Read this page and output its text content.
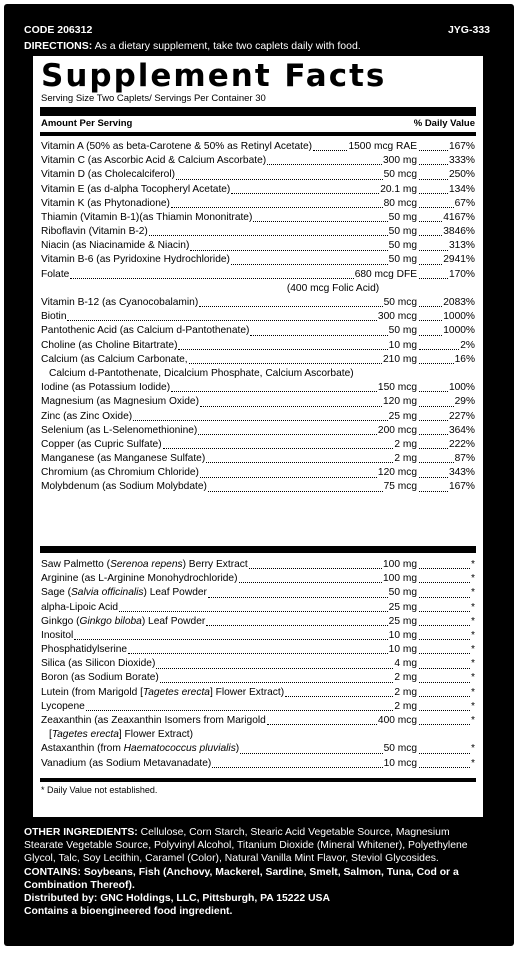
CODE 206312	JYG-333
DIRECTIONS: As a dietary supplement, take two caplets daily with food.
Supplement Facts
Serving Size Two Caplets/ Servings Per Container 30
Amount Per Serving	% Daily Value
Vitamin A (50% as beta-Carotene & 50% as Retinyl Acetate)	1500 mcg RAE	167%
Vitamin C (as Ascorbic Acid & Calcium Ascorbate)	300 mg	333%
Vitamin D (as Cholecalciferol)	50 mcg	250%
Vitamin E (as d-alpha Tocopheryl Acetate)	20.1 mg	134%
Vitamin K (as Phytonadione)	80 mcg	67%
Thiamin (Vitamin B-1)(as Thiamin Mononitrate)	50 mg	4167%
Riboflavin (Vitamin B-2)	50 mg	3846%
Niacin (as Niacinamide & Niacin)	50 mg	313%
Vitamin B-6 (as Pyridoxine Hydrochloride)	50 mg	2941%
Folate	680 mcg DFE	170%
(400 mcg Folic Acid)
Vitamin B-12 (as Cyanocobalamin)	50 mcg	2083%
Biotin	300 mcg	1000%
Pantothenic Acid (as Calcium d-Pantothenate)	50 mg	1000%
Choline (as Choline Bitartrate)	10 mg	2%
Calcium (as Calcium Carbonate,	210 mg	16%
Calcium d-Pantothenate, Dicalcium Phosphate, Calcium Ascorbate)
Iodine (as Potassium Iodide)	150 mcg	100%
Magnesium (as Magnesium Oxide)	120 mg	29%
Zinc (as Zinc Oxide)	25 mg	227%
Selenium (as L-Selenomethionine)	200 mcg	364%
Copper (as Cupric Sulfate)	2 mg	222%
Manganese (as Manganese Sulfate)	2 mg	87%
Chromium (as Chromium Chloride)	120 mcg	343%
Molybdenum (as Sodium Molybdate)	75 mcg	167%
Saw Palmetto (Serenoa repens) Berry Extract	100 mg	*
Arginine (as L-Arginine Monohydrochloride)	100 mg	*
Sage (Salvia officinalis) Leaf Powder	50 mg	*
alpha-Lipoic Acid	25 mg	*
Ginkgo (Ginkgo biloba) Leaf Powder	25 mg	*
Inositol	10 mg	*
Phosphatidylserine	10 mg	*
Silica (as Silicon Dioxide)	4 mg	*
Boron (as Sodium Borate)	2 mg	*
Lutein (from Marigold [Tagetes erecta] Flower Extract)	2 mg	*
Lycopene	2 mg	*
Zeaxanthin (as Zeaxanthin Isomers from Marigold	400 mcg	*
[Tagetes erecta] Flower Extract)
Astaxanthin (from Haematococcus pluvialis)	50 mcg	*
Vanadium (as Sodium Metavanadate)	10 mcg	*
* Daily Value not established.

OTHER INGREDIENTS: Cellulose, Corn Starch, Stearic Acid Vegetable Source, Magnesium Stearate Vegetable Source, Polyvinyl Alcohol, Titanium Dioxide (Mineral Whitener), Polyethylene Glycol, Talc, Soy Lecithin, Caramel (Color), Natural Vanilla Mint Flavor, Steviol Glycosides.

CONTAINS: Soybeans, Fish (Anchovy, Mackerel, Sardine, Smelt, Salmon, Tuna, Cod or a Combination Thereof).

Distributed by: GNC Holdings, LLC, Pittsburgh, PA 15222 USA

Contains a bioengineered food ingredient.
